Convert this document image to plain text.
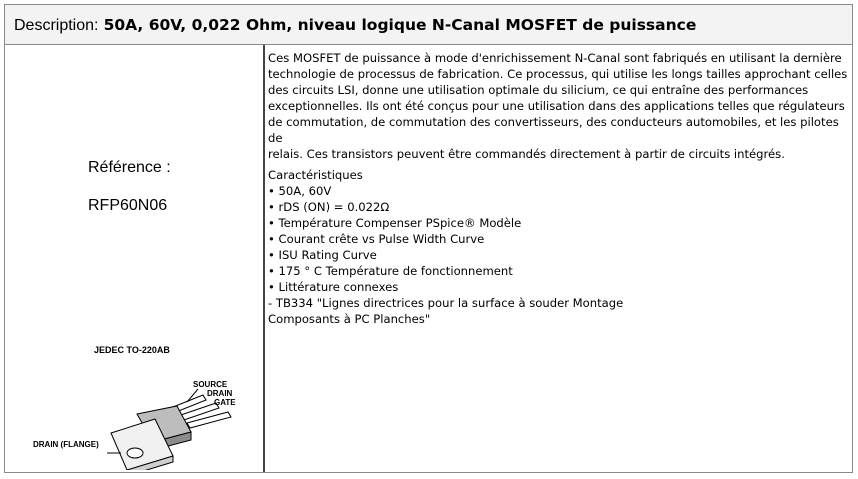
Description: 50A, 60V, 0,022 Ohm, niveau logique N-Canal MOSFET de puissance
Référence :
RFP60N06
JEDEC TO-220AB
SOURCE
DRAIN
GATE
DRAIN (FLANGE)
Ces MOSFET de puissance à mode d'enrichissement N-Canal sont fabriqués en utilisant la dernière
technologie de processus de fabrication. Ce processus, qui utilise les longs tailles approchant celles
des circuits LSI, donne une utilisation optimale du silicium, ce qui entraîne des performances
exceptionnelles. Ils ont été conçus pour une utilisation dans des applications telles que régulateurs
de commutation, de commutation des convertisseurs, des conducteurs automobiles, et les pilotes de
relais. Ces transistors peuvent être commandés directement à partir de circuits intégrés.
Caractéristiques
• 50A, 60V
• rDS (ON) = 0.022Ω
• Température Compenser PSpice® Modèle
• Courant crête vs Pulse Width Curve
• ISU Rating Curve
• 175 ° C Température de fonctionnement
• Littérature connexes
- TB334 "Lignes directrices pour la surface à souder Montage
Composants à PC Planches"
